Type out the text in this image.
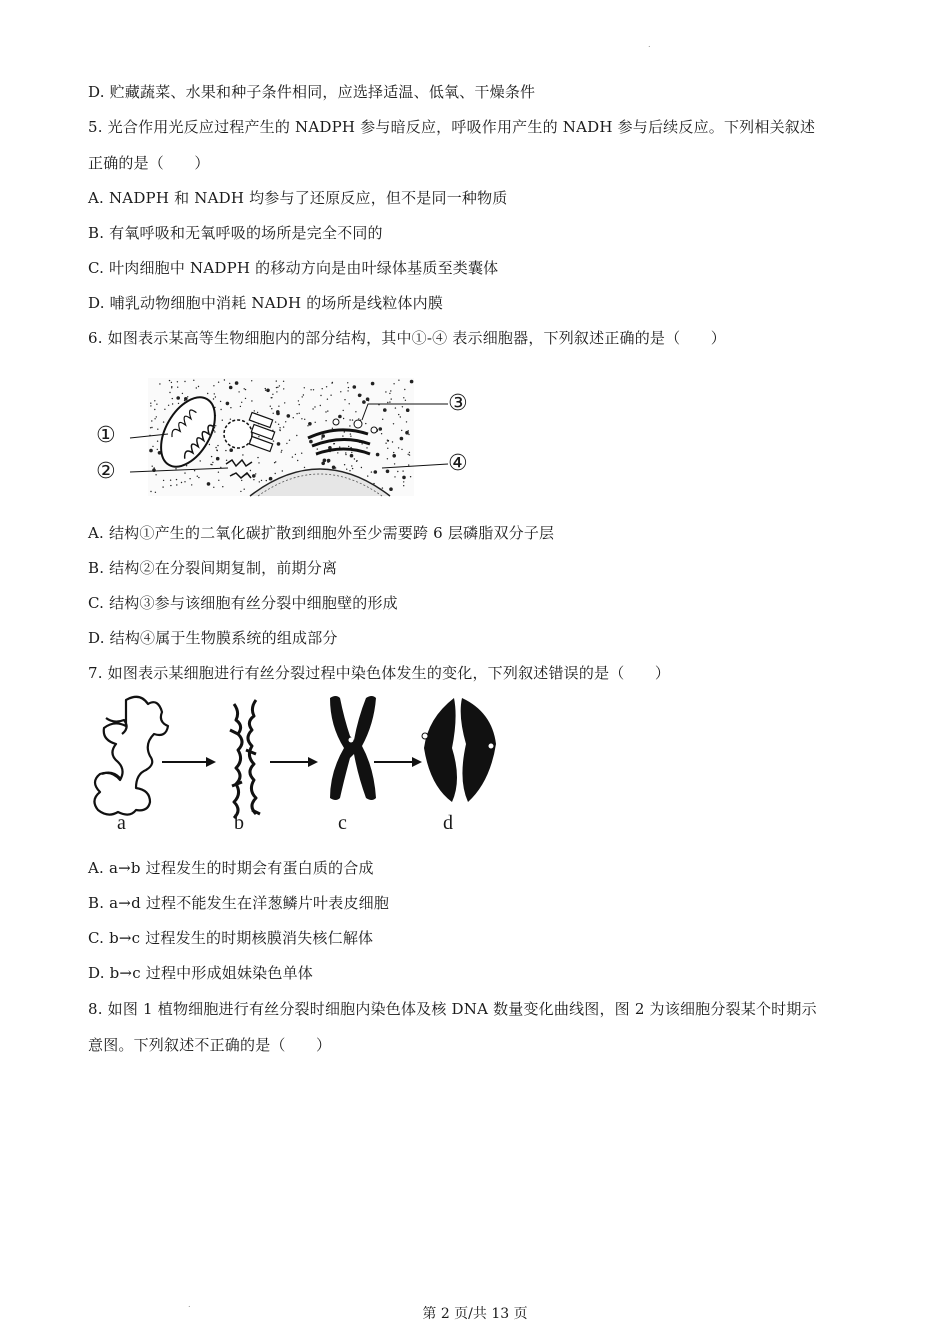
.
.
D. 贮藏蔬菜、水果和种子条件相同，应选择适温、低氧、干燥条件
5. 光合作用光反应过程产生的 NADPH 参与暗反应，呼吸作用产生的 NADH 参与后续反应。下列相关叙述
正确的是（　　）
A. NADPH 和 NADH 均参与了还原反应，但不是同一种物质
B. 有氧呼吸和无氧呼吸的场所是完全不同的
C. 叶肉细胞中 NADPH 的移动方向是由叶绿体基质至类囊体
D. 哺乳动物细胞中消耗 NADH 的场所是线粒体内膜
6. 如图表示某高等生物细胞内的部分结构，其中①-④ 表示细胞器，下列叙述正确的是（　　）
①
②
③
④
A. 结构①产生的二氧化碳扩散到细胞外至少需要跨 6 层磷脂双分子层
B. 结构②在分裂间期复制，前期分离
C. 结构③参与该细胞有丝分裂中细胞壁的形成
D. 结构④属于生物膜系统的组成部分
7. 如图表示某细胞进行有丝分裂过程中染色体发生的变化，下列叙述错误的是（　　）
a	b	c	d
A. a→b 过程发生的时期会有蛋白质的合成
B. a→d 过程不能发生在洋葱鳞片叶表皮细胞
C. b→c 过程发生的时期核膜消失核仁解体
D. b→c 过程中形成姐妹染色单体
8. 如图 1 植物细胞进行有丝分裂时细胞内染色体及核 DNA 数量变化曲线图，图 2 为该细胞分裂某个时期示
意图。下列叙述不正确的是（　　）
第 2 页/共 13 页
